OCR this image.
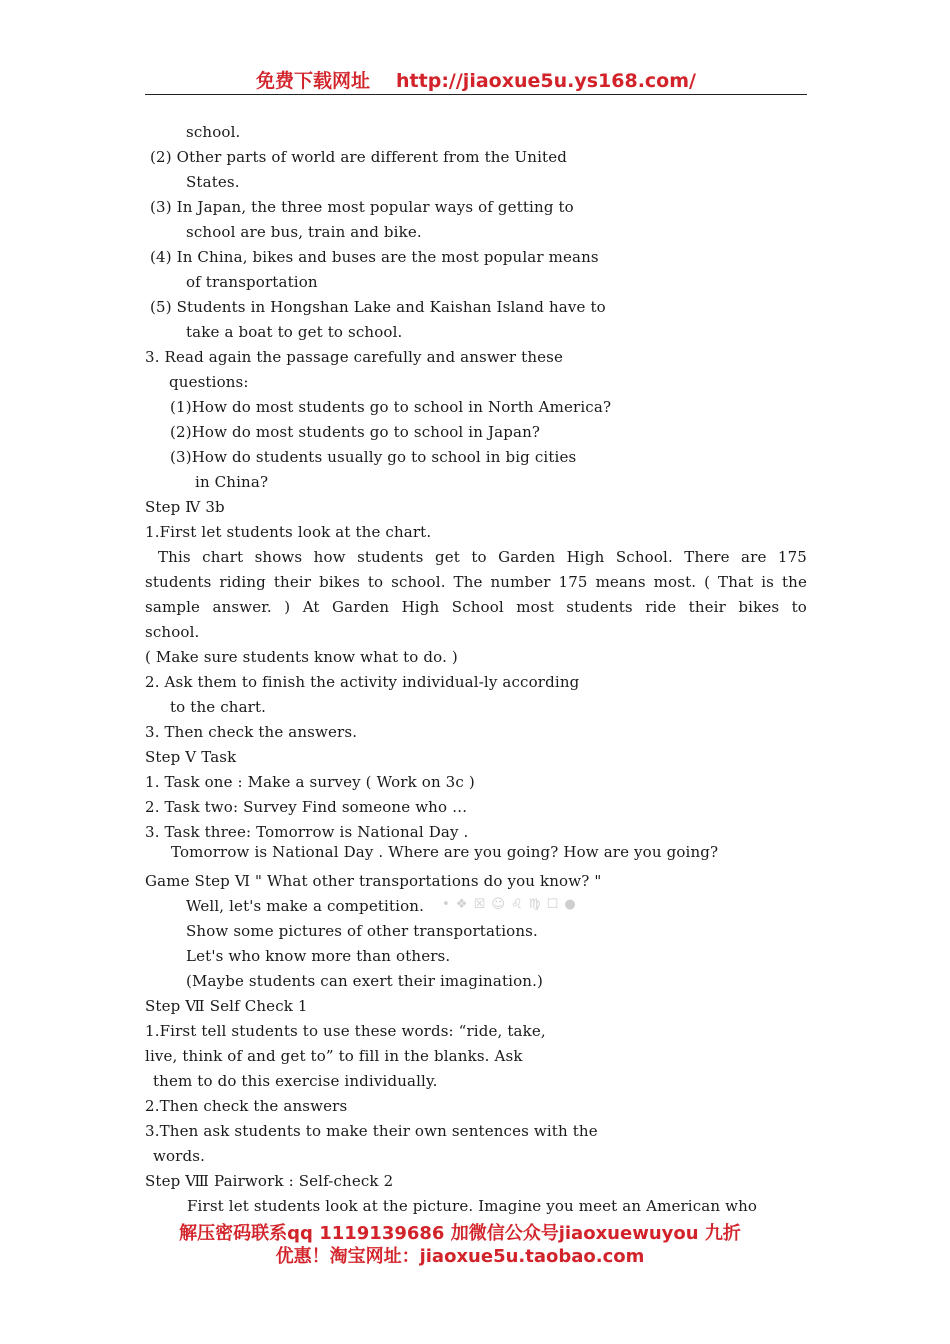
免费下载网址 http://jiaoxue5u.ys168.com/
school.
(2) Other parts of world are different from the United
States.
(3) In Japan, the three most popular ways of getting to
school are bus, train and bike.
(4) In China, bikes and buses are the most popular means
of transportation
(5) Students in Hongshan Lake and Kaishan Island have to
take a boat to get to school.
3. Read again the passage carefully and answer these
questions:
(1)How do most students go to school in North America?
(2)How do most students go to school in Japan?
(3)How do students usually go to school in big cities
in China?
Step Ⅳ 3b
1.First let students look at the chart.
This chart shows how students get to Garden High School. There are 175
students riding their bikes to school. The number 175 means most. ( That is the
sample answer. ) At Garden High School most students ride their bikes to
school.
( Make sure students know what to do. )
2. Ask them to finish the activity individual-ly according
to the chart.
3. Then check the answers.
Step Ⅴ Task
1. Task one : Make a survey ( Work on 3c )
2. Task two: Survey Find someone who …
3. Task three: Tomorrow is National Day .
Tomorrow is National Day . Where are you going? How are you going?
Game Step Ⅵ " What other transportations do you know? "
Well, let's make a competition.
Show some pictures of other transportations.
Let's who know more than others.
(Maybe students can exert their imagination.)
Step Ⅶ Self Check 1
1.First tell students to use these words: “ride, take,
live, think of and get to” to fill in the blanks. Ask
them to do this exercise individually.
2.Then check the answers
3.Then ask students to make their own sentences with the
words.
Step Ⅷ Pairwork : Self-check 2
First let students look at the picture. Imagine you meet an American who
• ❖ ☒ ☺ ♌ ♍ ☐ ●
解压密码联系qq 1119139686 加微信公众号jiaoxuewuyou 九折
优惠！淘宝网址：jiaoxue5u.taobao.com
